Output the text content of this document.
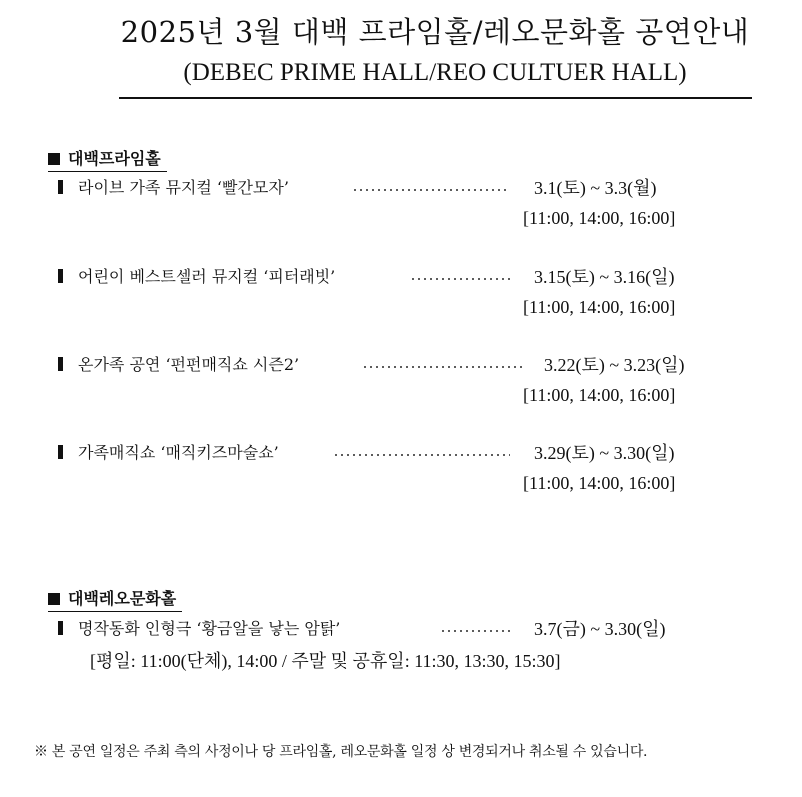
2025년 3월 대백 프라임홀/레오문화홀 공연안내
(DEBEC PRIME HALL/REO CULTUER HALL)
대백프라임홀
라이브 가족 뮤지컬 ‘빨간모자’	3.1(토) ~ 3.3(월)
[11:00, 14:00, 16:00]
어린이 베스트셀러 뮤지컬 ‘피터래빗’	3.15(토) ~ 3.16(일)
[11:00, 14:00, 16:00]
온가족 공연 ‘펀펀매직쇼 시즌2’	3.22(토) ~ 3.23(일)
[11:00, 14:00, 16:00]
가족매직쇼 ‘매직키즈마술쇼’	3.29(토) ~ 3.30(일)
[11:00, 14:00, 16:00]
대백레오문화홀
명작동화 인형극 ‘황금알을 낳는 암탉’	3.7(금) ~ 3.30(일)
[평일: 11:00(단체), 14:00 / 주말 및 공휴일: 11:30, 13:30, 15:30]
※ 본 공연 일정은 주최 측의 사정이나 당 프라임홀, 레오문화홀 일정 상 변경되거나 취소될 수 있습니다.
